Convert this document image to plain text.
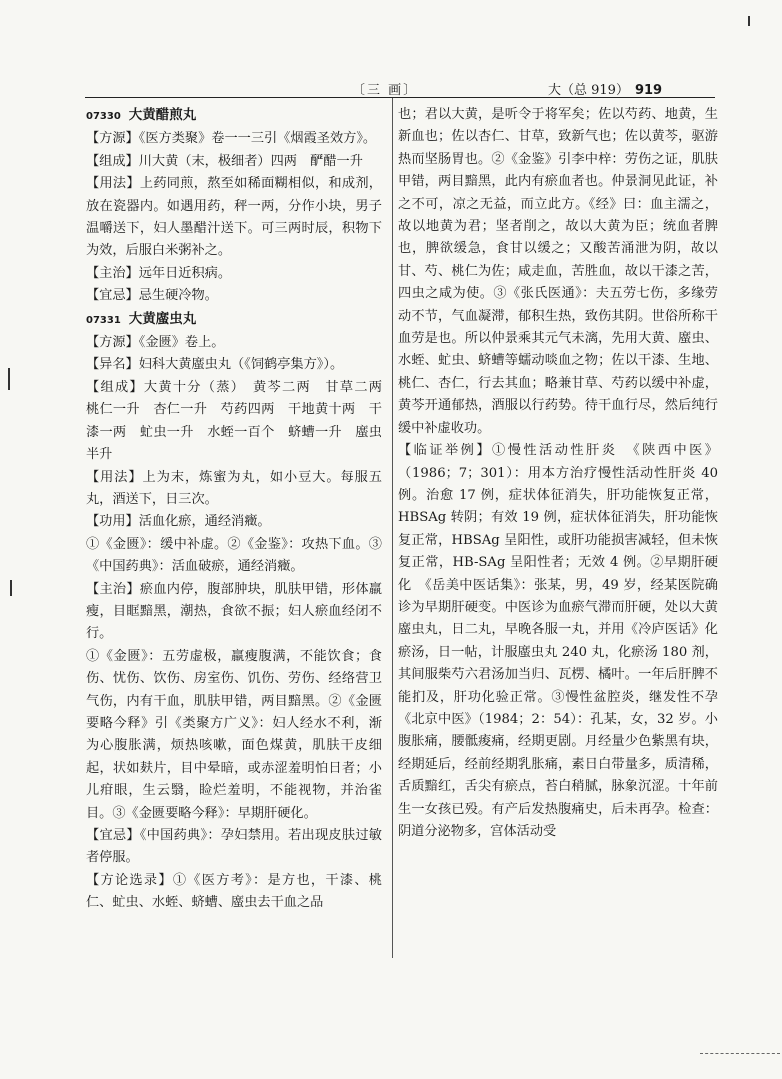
〔三 画〕	大（总 919） 919
07330 大黄醋煎丸

【方源】《医方类聚》卷一一三引《烟霞圣效方》。

【组成】川大黄（末，极细者）四两　酽醋一升

【用法】上药同煎，熬至如稀面糊相似，和成剂，放在瓷器内。如遇用药，秤一两，分作小块，男子温嚼送下，妇人墨醋汁送下。可三两时辰，积物下为效，后服白米粥补之。

【主治】远年日近积病。

【宜忌】忌生硬冷物。

07331 大黄䗪虫丸

【方源】《金匮》卷上。

【异名】妇科大黄䗪虫丸（《饲鹤亭集方》）。

【组成】大黄十分（蒸）　黄芩二两　甘草二两　桃仁一升　杏仁一升　芍药四两　干地黄十两　干漆一两　虻虫一升　水蛭一百个　蛴螬一升　䗪虫半升

【用法】上为末，炼蜜为丸，如小豆大。每服五丸，酒送下，日三次。

【功用】活血化瘀，通经消癥。

①《金匮》：缓中补虚。②《金鉴》：攻热下血。③《中国药典》：活血破瘀，通经消癥。

【主治】瘀血内停，腹部肿块，肌肤甲错，形体羸瘦，目眶黯黑，潮热，食欲不振；妇人瘀血经闭不行。

①《金匮》：五劳虚极，羸瘦腹满，不能饮食；食伤、忧伤、饮伤、房室伤、饥伤、劳伤、经络营卫气伤，内有干血，肌肤甲错，两目黯黑。②《金匮要略今释》引《类聚方广义》：妇人经水不利，渐为心腹胀满，烦热咳嗽，面色煤黄，肌肤干皮细起，状如麸片，目中晕暗，或赤涩羞明怕日者；小儿疳眼，生云翳，睑烂羞明，不能视物，并治雀目。③《金匮要略今释》：早期肝硬化。

【宜忌】《中国药典》：孕妇禁用。若出现皮肤过敏者停服。

【方论选录】①《医方考》：是方也，干漆、桃仁、虻虫、水蛭、蛴螬、䗪虫去干血之品

也；君以大黄，是听令于将军矣；佐以芍药、地黄，生新血也；佐以杏仁、甘草，致新气也；佐以黄芩，驱游热而坚肠胃也。②《金鉴》引李中梓：劳伤之证，肌肤甲错，两目黯黑，此内有瘀血者也。仲景洞见此证，补之不可，凉之无益，而立此方。《经》曰：血主濡之，故以地黄为君；坚者削之，故以大黄为臣；统血者脾也，脾欲缓急，食甘以缓之；又酸苦涌泄为阴，故以甘、芍、桃仁为佐；咸走血，苦胜血，故以干漆之苦，四虫之咸为使。③《张氏医通》：夫五劳七伤，多缘劳动不节，气血凝滞，郁积生热，致伤其阴。世俗所称干血劳是也。所以仲景乘其元气未漓，先用大黄、䗪虫、水蛭、虻虫、蛴螬等蠕动啖血之物；佐以干漆、生地、桃仁、杏仁，行去其血；略兼甘草、芍药以缓中补虚，黄芩开通郁热，酒服以行药势。待干血行尽，然后纯行缓中补虚收功。

【临证举例】①慢性活动性肝炎　《陕西中医》（1986；7；301）：用本方治疗慢性活动性肝炎 40 例。治愈 17 例，症状体征消失，肝功能恢复正常，HBSAg 转阴；有效 19 例，症状体征消失，肝功能恢复正常，HBSAg 呈阳性，或肝功能损害减轻，但未恢复正常，HB-SAg 呈阳性者；无效 4 例。②早期肝硬化　《岳美中医话集》：张某，男，49 岁，经某医院确诊为早期肝硬变。中医诊为血瘀气滞而肝硬，处以大黄䗪虫丸，日二丸，早晚各服一丸，并用《冷庐医话》化瘀汤，日一帖，计服䗪虫丸 240 丸，化瘀汤 180 剂，其间服柴芍六君汤加当归、瓦楞、橘叶。一年后肝脾不能扪及，肝功化验正常。③慢性盆腔炎，继发性不孕　《北京中医》（1984；2：54）：孔某，女，32 岁。小腹胀痛，腰骶痠痛，经期更剧。月经量少色紫黑有块，经期延后，经前经期乳胀痛，素日白带量多，质清稀，舌质黯红，舌尖有瘀点，苔白稍腻，脉象沉涩。十年前生一女孩已殁。有产后发热腹痛史，后未再孕。检查：阴道分泌物多，宫体活动受
